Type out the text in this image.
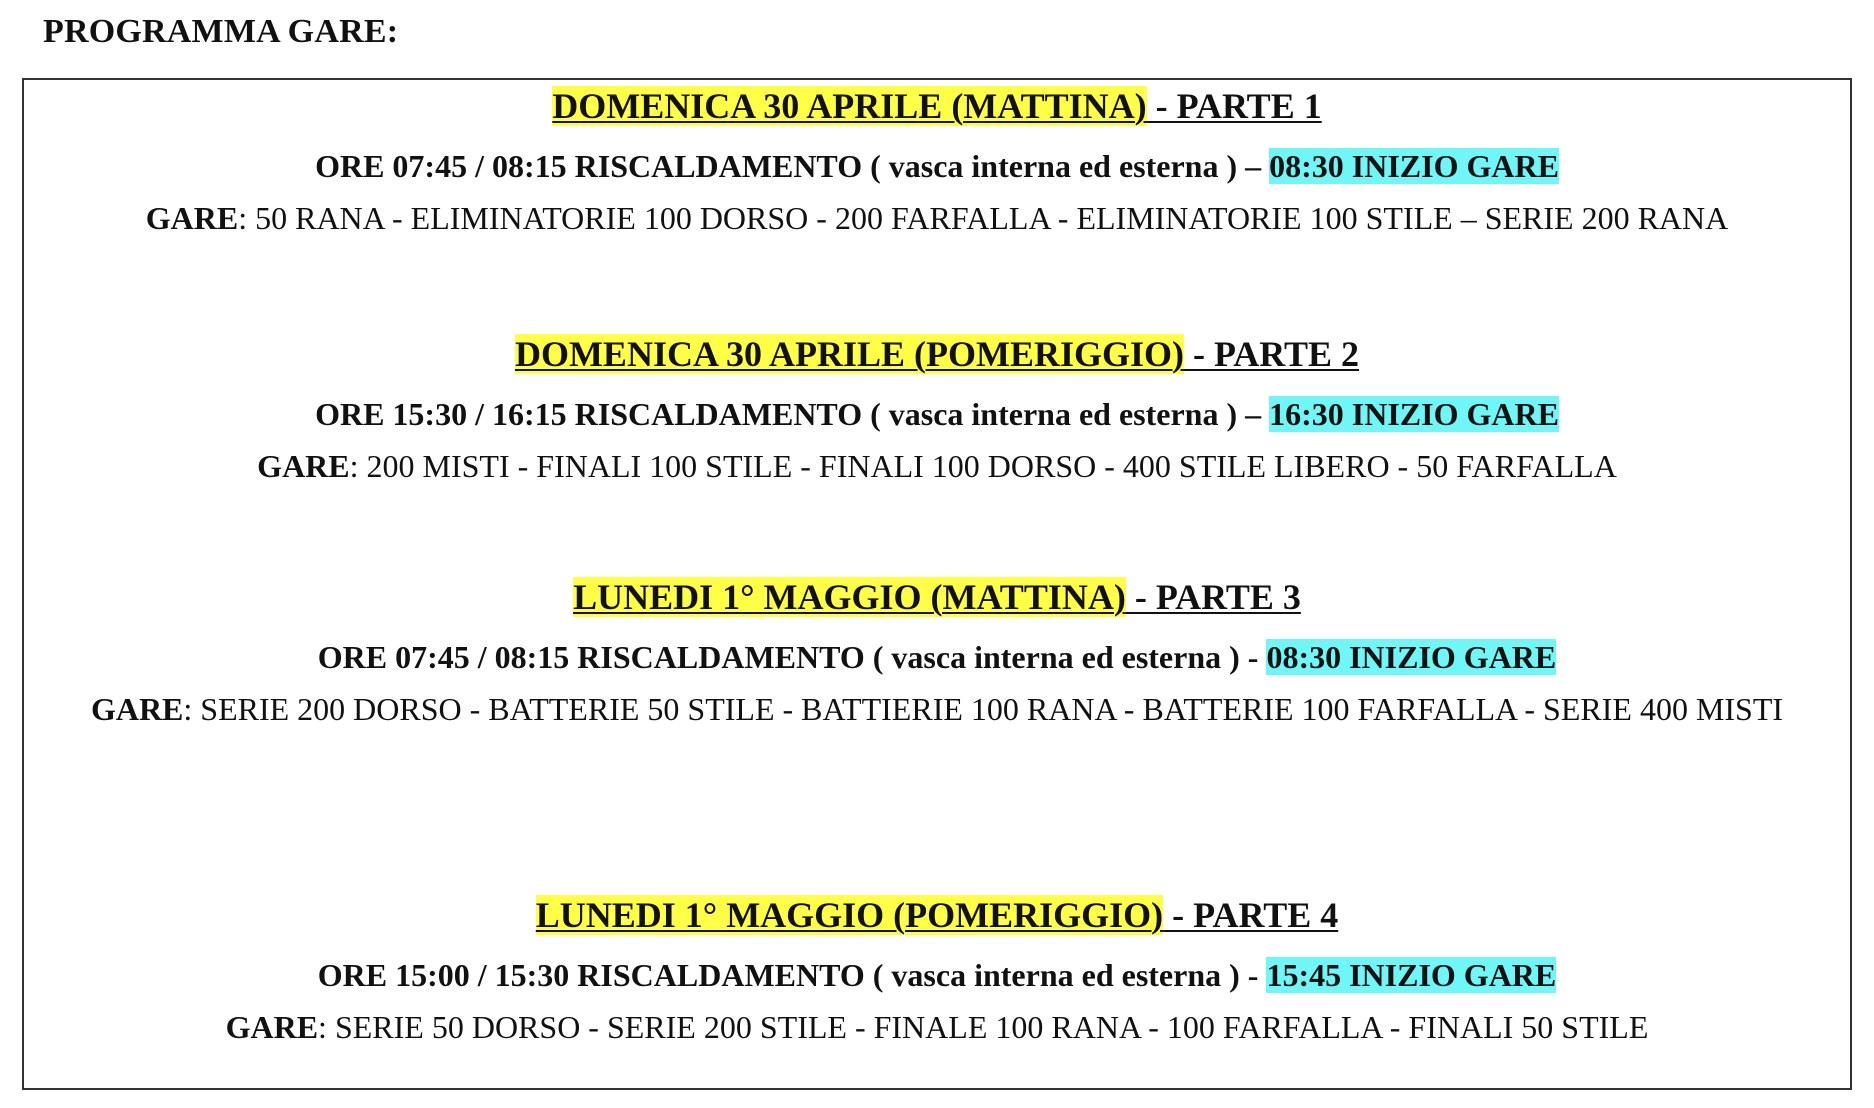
PROGRAMMA GARE:
DOMENICA 30 APRILE (MATTINA) - PARTE 1
ORE 07:45 / 08:15 RISCALDAMENTO ( vasca interna ed esterna ) – 08:30 INIZIO GARE
GARE: 50 RANA - ELIMINATORIE 100 DORSO - 200 FARFALLA - ELIMINATORIE 100 STILE – SERIE 200 RANA
DOMENICA 30 APRILE (POMERIGGIO) - PARTE 2
ORE 15:30 / 16:15 RISCALDAMENTO ( vasca interna ed esterna ) – 16:30 INIZIO GARE
GARE: 200 MISTI - FINALI 100 STILE - FINALI 100 DORSO - 400 STILE LIBERO - 50 FARFALLA
LUNEDI 1° MAGGIO (MATTINA) - PARTE 3
ORE 07:45 / 08:15 RISCALDAMENTO ( vasca interna ed esterna ) - 08:30 INIZIO GARE
GARE: SERIE 200 DORSO - BATTERIE 50 STILE - BATTIERIE 100 RANA - BATTERIE 100 FARFALLA - SERIE 400 MISTI
LUNEDI 1° MAGGIO (POMERIGGIO) - PARTE 4
ORE 15:00 / 15:30 RISCALDAMENTO ( vasca interna ed esterna ) - 15:45 INIZIO GARE
GARE: SERIE 50 DORSO - SERIE 200 STILE - FINALE 100 RANA - 100 FARFALLA - FINALI 50 STILE
